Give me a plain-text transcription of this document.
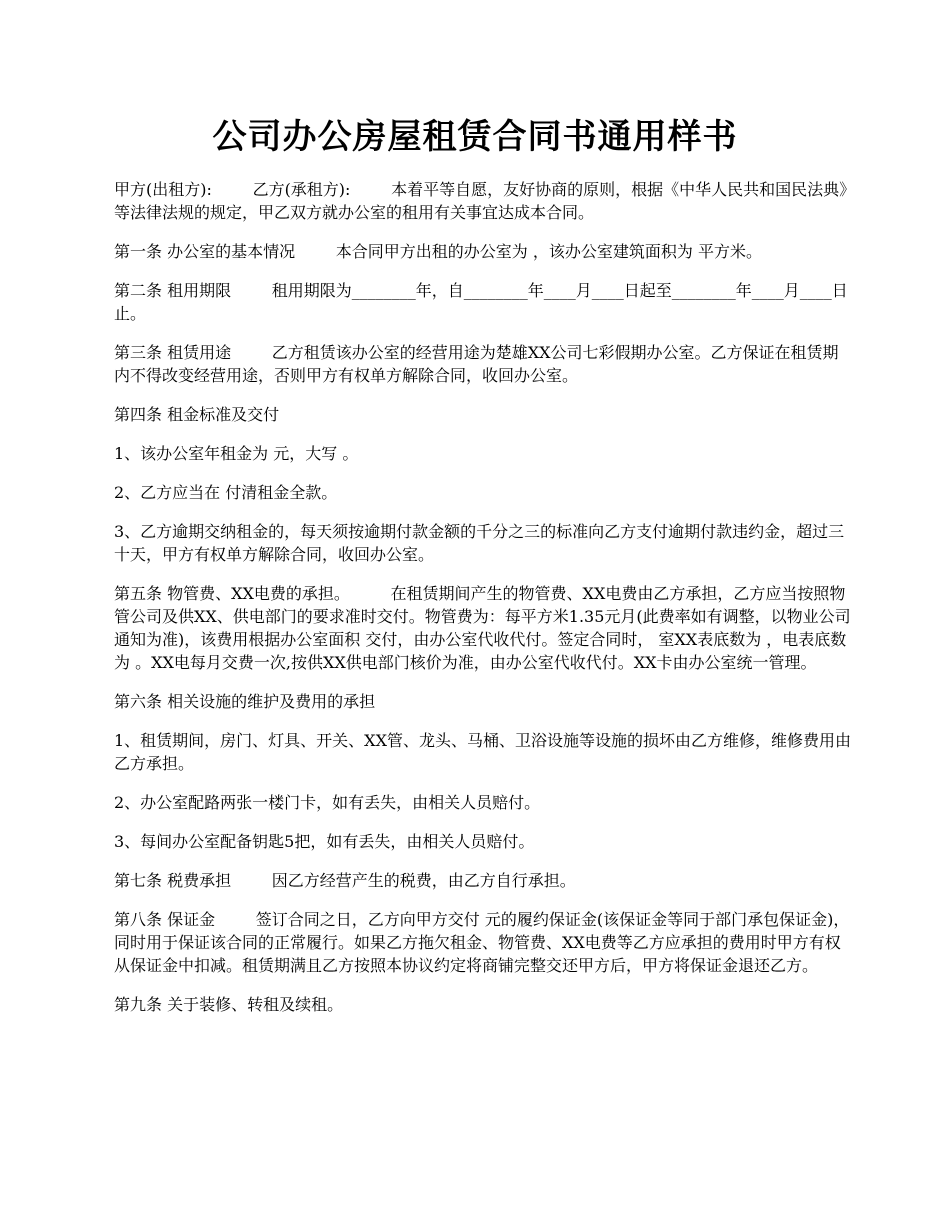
公司办公房屋租赁合同书通用样书

甲方(出租方):        乙方(承租方):        本着平等自愿，友好协商的原则，根据《中华人民共和国民法典》等法律法规的规定，甲乙双方就办公室的租用有关事宜达成本合同。

第一条 办公室的基本情况        本合同甲方出租的办公室为 ，该办公室建筑面积为 平方米。

第二条 租用期限        租用期限为________年，自________年____月____日起至________年____月____日止。

第三条 租赁用途        乙方租赁该办公室的经营用途为楚雄XX公司七彩假期办公室。乙方保证在租赁期内不得改变经营用途，否则甲方有权单方解除合同，收回办公室。

第四条 租金标准及交付

1、该办公室年租金为 元，大写 。

2、乙方应当在 付清租金全款。

3、乙方逾期交纳租金的，每天须按逾期付款金额的千分之三的标准向乙方支付逾期付款违约金，超过三十天，甲方有权单方解除合同，收回办公室。

第五条 物管费、XX电费的承担。        在租赁期间产生的物管费、XX电费由乙方承担，乙方应当按照物管公司及供XX、供电部门的要求准时交付。物管费为：每平方米1.35元月(此费率如有调整，以物业公司通知为准)，该费用根据办公室面积 交付，由办公室代收代付。签定合同时， 室XX表底数为 ，电表底数为 。XX电每月交费一次,按供XX供电部门核价为准，由办公室代收代付。XX卡由办公室统一管理。

第六条 相关设施的维护及费用的承担

1、租赁期间，房门、灯具、开关、XX管、龙头、马桶、卫浴设施等设施的损坏由乙方维修，维修费用由乙方承担。

2、办公室配路两张一楼门卡，如有丢失，由相关人员赔付。

3、每间办公室配备钥匙5把，如有丢失，由相关人员赔付。

第七条 税费承担        因乙方经营产生的税费，由乙方自行承担。

第八条 保证金        签订合同之日，乙方向甲方交付 元的履约保证金(该保证金等同于部门承包保证金)，同时用于保证该合同的正常履行。如果乙方拖欠租金、物管费、XX电费等乙方应承担的费用时甲方有权从保证金中扣减。租赁期满且乙方按照本协议约定将商铺完整交还甲方后，甲方将保证金退还乙方。

第九条 关于装修、转租及续租。
